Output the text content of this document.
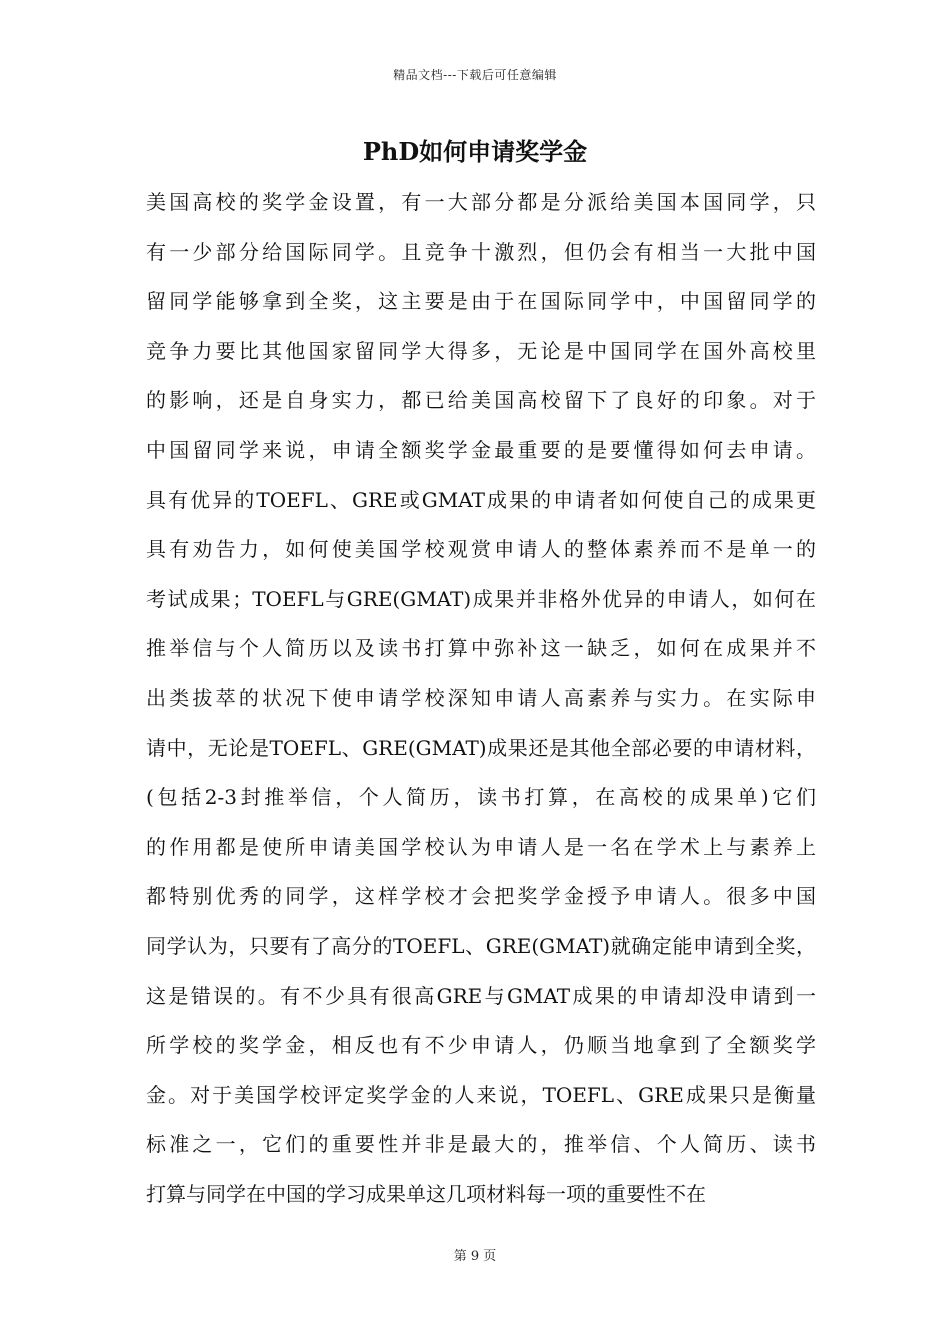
精品文档---下载后可任意编辑
PhD如何申请奖学金
美国高校的奖学金设置，有一大部分都是分派给美国本国同学，只
有一少部分给国际同学。且竞争十激烈，但仍会有相当一大批中国
留同学能够拿到全奖，这主要是由于在国际同学中，中国留同学的
竞争力要比其他国家留同学大得多，无论是中国同学在国外高校里
的影响，还是自身实力，都已给美国高校留下了良好的印象。对于
中国留同学来说，申请全额奖学金最重要的是要懂得如何去申请。
具有优异的TOEFL、GRE或GMAT成果的申请者如何使自己的成果更
具有劝告力，如何使美国学校观赏申请人的整体素养而不是单一的
考试成果；TOEFL与GRE(GMAT)成果并非格外优异的申请人，如何在
推举信与个人简历以及读书打算中弥补这一缺乏，如何在成果并不
出类拔萃的状况下使申请学校深知申请人高素养与实力。在实际申
请中，无论是TOEFL、GRE(GMAT)成果还是其他全部必要的申请材料，
(包括2-3封推举信，个人简历，读书打算，在高校的成果单)它们
的作用都是使所申请美国学校认为申请人是一名在学术上与素养上
都特别优秀的同学，这样学校才会把奖学金授予申请人。很多中国
同学认为，只要有了高分的TOEFL、GRE(GMAT)就确定能申请到全奖，
这是错误的。有不少具有很高GRE与GMAT成果的申请却没申请到一
所学校的奖学金，相反也有不少申请人，仍顺当地拿到了全额奖学
金。对于美国学校评定奖学金的人来说，TOEFL、GRE成果只是衡量
标准之一，它们的重要性并非是最大的，推举信、个人简历、读书
打算与同学在中国的学习成果单这几项材料每一项的重要性不在
第 9 页
